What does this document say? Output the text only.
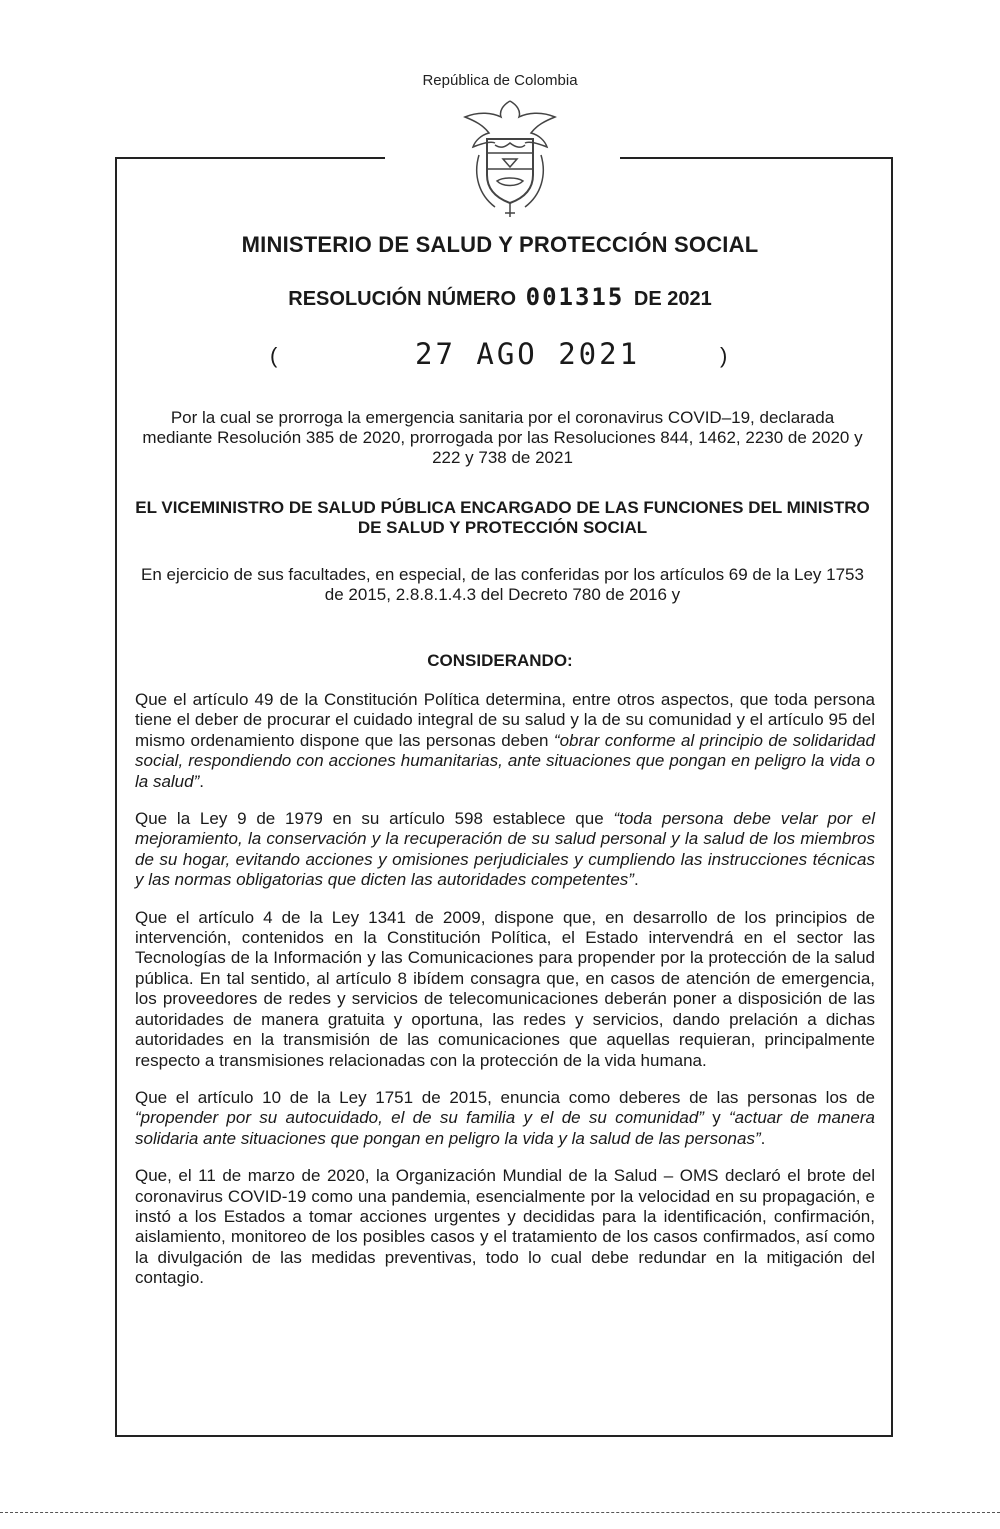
República de Colombia
MINISTERIO DE SALUD Y PROTECCIÓN SOCIAL
RESOLUCIÓN NÚMERO 001315 DE 2021
(	27 AGO 2021	)
Por la cual se prorroga la emergencia sanitaria por el coronavirus COVID–19, declarada mediante Resolución 385 de 2020, prorrogada por las Resoluciones 844, 1462, 2230 de 2020 y 222 y 738 de 2021
EL VICEMINISTRO DE SALUD PÚBLICA ENCARGADO DE LAS FUNCIONES DEL MINISTRO DE SALUD Y PROTECCIÓN SOCIAL
En ejercicio de sus facultades, en especial, de las conferidas por los artículos 69 de la Ley 1753 de 2015, 2.8.8.1.4.3 del Decreto 780 de 2016 y
CONSIDERANDO:

Que el artículo 49 de la Constitución Política determina, entre otros aspectos, que toda persona tiene el deber de procurar el cuidado integral de su salud y la de su comunidad y el artículo 95 del mismo ordenamiento dispone que las personas deben “obrar conforme al principio de solidaridad social, respondiendo con acciones humanitarias, ante situaciones que pongan en peligro la vida o la salud”.

Que la Ley 9 de 1979 en su artículo 598 establece que “toda persona debe velar por el mejoramiento, la conservación y la recuperación de su salud personal y la salud de los miembros de su hogar, evitando acciones y omisiones perjudiciales y cumpliendo las instrucciones técnicas y las normas obligatorias que dicten las autoridades competentes”.

Que el artículo 4 de la Ley 1341 de 2009, dispone que, en desarrollo de los principios de intervención, contenidos en la Constitución Política, el Estado intervendrá en el sector las Tecnologías de la Información y las Comunicaciones para propender por la protección de la salud pública. En tal sentido, al artículo 8 ibídem consagra que, en casos de atención de emergencia, los proveedores de redes y servicios de telecomunicaciones deberán poner a disposición de las autoridades de manera gratuita y oportuna, las redes y servicios, dando prelación a dichas autoridades en la transmisión de las comunicaciones que aquellas requieran, principalmente respecto a transmisiones relacionadas con la protección de la vida humana.

Que el artículo 10 de la Ley 1751 de 2015, enuncia como deberes de las personas los de “propender por su autocuidado, el de su familia y el de su comunidad” y “actuar de manera solidaria ante situaciones que pongan en peligro la vida y la salud de las personas”.

Que, el 11 de marzo de 2020, la Organización Mundial de la Salud – OMS declaró el brote del coronavirus COVID-19 como una pandemia, esencialmente por la velocidad en su propagación, e instó a los Estados a tomar acciones urgentes y decididas para la identificación, confirmación, aislamiento, monitoreo de los posibles casos y el tratamiento de los casos confirmados, así como la divulgación de las medidas preventivas, todo lo cual debe redundar en la mitigación del contagio.
